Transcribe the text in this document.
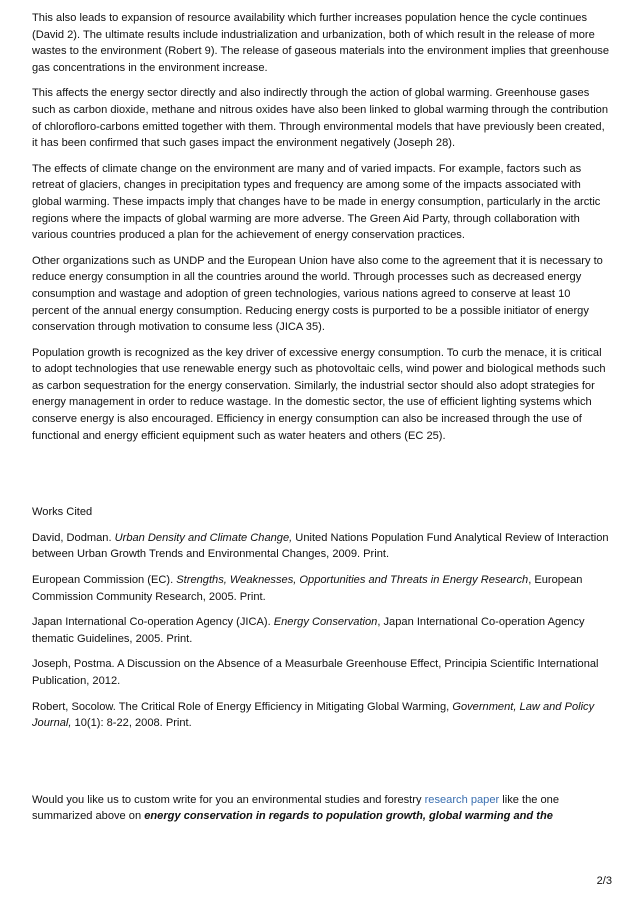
This also leads to expansion of resource availability which further increases population hence the cycle continues (David 2). The ultimate results include industrialization and urbanization, both of which result in the release of more wastes to the environment (Robert 9). The release of gaseous materials into the environment implies that greenhouse gas concentrations in the environment increase.

This affects the energy sector directly and also indirectly through the action of global warming. Greenhouse gases such as carbon dioxide, methane and nitrous oxides have also been linked to global warming through the contribution of chloroflоro-carbons emitted together with them. Through environmental models that have previously been created, it has been confirmed that such gases impact the environment negatively (Joseph 28).

The effects of climate change on the environment are many and of varied impacts. For example, factors such as retreat of glaciers, changes in precipitation types and frequency are among some of the impacts associated with global warming. These impacts imply that changes have to be made in energy consumption, particularly in the arctic regions where the impacts of global warming are more adverse. The Green Aid Party, through collaboration with various countries produced a plan for the achievement of energy conservation practices.

Other organizations such as UNDP and the European Union have also come to the agreement that it is necessary to reduce energy consumption in all the countries around the world. Through processes such as decreased energy consumption and wastage and adoption of green technologies, various nations agreed to conserve at least 10 percent of the annual energy consumption. Reducing energy costs is purported to be a possible initiator of energy conservation through motivation to consume less (JICA 35).

Population growth is recognized as the key driver of excessive energy consumption. To curb the menace, it is critical to adopt technologies that use renewable energy such as photovoltaic cells, wind power and biological methods such as carbon sequestration for the energy conservation. Similarly, the industrial sector should also adopt strategies for energy management in order to reduce wastage. In the domestic sector, the use of efficient lighting systems which conserve energy is also encouraged. Efficiency in energy consumption can also be increased through the use of functional and energy efficient equipment such as water heaters and others (EC 25).

Works Cited

David, Dodman. Urban Density and Climate Change, United Nations Population Fund Analytical Review of Interaction between Urban Growth Trends and Environmental Changes, 2009. Print.

European Commission (EC). Strengths, Weaknesses, Opportunities and Threats in Energy Research, European Commission Community Research, 2005. Print.

Japan International Co-operation Agency (JICA). Energy Conservation, Japan International Co-operation Agency thematic Guidelines, 2005. Print.

Joseph, Postma. A Discussion on the Absence of a Measurbale Greenhouse Effect, Principia Scientific International Publication, 2012.

Robert, Socolow. The Critical Role of Energy Efficiency in Mitigating Global Warming, Government, Law and Policy Journal, 10(1): 8-22, 2008. Print.

Would you like us to custom write for you an environmental studies and forestry research paper like the one summarized above on energy conservation in regards to population growth, global warming and the

2/3
